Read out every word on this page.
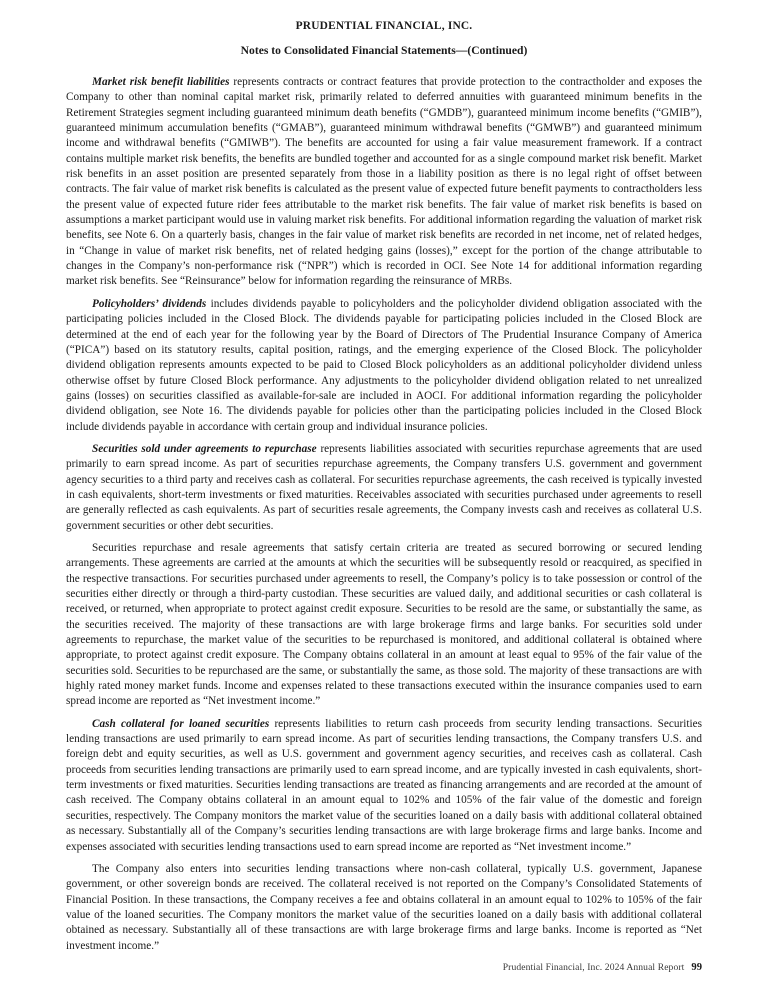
PRUDENTIAL FINANCIAL, INC.
Notes to Consolidated Financial Statements—(Continued)

Market risk benefit liabilities represents contracts or contract features that provide protection to the contractholder and exposes the Company to other than nominal capital market risk, primarily related to deferred annuities with guaranteed minimum benefits in the Retirement Strategies segment including guaranteed minimum death benefits (“GMDB”), guaranteed minimum income benefits (“GMIB”), guaranteed minimum accumulation benefits (“GMAB”), guaranteed minimum withdrawal benefits (“GMWB”) and guaranteed minimum income and withdrawal benefits (“GMIWB”). The benefits are accounted for using a fair value measurement framework. If a contract contains multiple market risk benefits, the benefits are bundled together and accounted for as a single compound market risk benefit. Market risk benefits in an asset position are presented separately from those in a liability position as there is no legal right of offset between contracts. The fair value of market risk benefits is calculated as the present value of expected future benefit payments to contractholders less the present value of expected future rider fees attributable to the market risk benefits. The fair value of market risk benefits is based on assumptions a market participant would use in valuing market risk benefits. For additional information regarding the valuation of market risk benefits, see Note 6. On a quarterly basis, changes in the fair value of market risk benefits are recorded in net income, net of related hedges, in “Change in value of market risk benefits, net of related hedging gains (losses),” except for the portion of the change attributable to changes in the Company’s non-performance risk (“NPR”) which is recorded in OCI. See Note 14 for additional information regarding market risk benefits. See “Reinsurance” below for information regarding the reinsurance of MRBs.

Policyholders’ dividends includes dividends payable to policyholders and the policyholder dividend obligation associated with the participating policies included in the Closed Block. The dividends payable for participating policies included in the Closed Block are determined at the end of each year for the following year by the Board of Directors of The Prudential Insurance Company of America (“PICA”) based on its statutory results, capital position, ratings, and the emerging experience of the Closed Block. The policyholder dividend obligation represents amounts expected to be paid to Closed Block policyholders as an additional policyholder dividend unless otherwise offset by future Closed Block performance. Any adjustments to the policyholder dividend obligation related to net unrealized gains (losses) on securities classified as available-for-sale are included in AOCI. For additional information regarding the policyholder dividend obligation, see Note 16. The dividends payable for policies other than the participating policies included in the Closed Block include dividends payable in accordance with certain group and individual insurance policies.

Securities sold under agreements to repurchase represents liabilities associated with securities repurchase agreements that are used primarily to earn spread income. As part of securities repurchase agreements, the Company transfers U.S. government and government agency securities to a third party and receives cash as collateral. For securities repurchase agreements, the cash received is typically invested in cash equivalents, short-term investments or fixed maturities. Receivables associated with securities purchased under agreements to resell are generally reflected as cash equivalents. As part of securities resale agreements, the Company invests cash and receives as collateral U.S. government securities or other debt securities.

Securities repurchase and resale agreements that satisfy certain criteria are treated as secured borrowing or secured lending arrangements. These agreements are carried at the amounts at which the securities will be subsequently resold or reacquired, as specified in the respective transactions. For securities purchased under agreements to resell, the Company’s policy is to take possession or control of the securities either directly or through a third-party custodian. These securities are valued daily, and additional securities or cash collateral is received, or returned, when appropriate to protect against credit exposure. Securities to be resold are the same, or substantially the same, as the securities received. The majority of these transactions are with large brokerage firms and large banks. For securities sold under agreements to repurchase, the market value of the securities to be repurchased is monitored, and additional collateral is obtained where appropriate, to protect against credit exposure. The Company obtains collateral in an amount at least equal to 95% of the fair value of the securities sold. Securities to be repurchased are the same, or substantially the same, as those sold. The majority of these transactions are with highly rated money market funds. Income and expenses related to these transactions executed within the insurance companies used to earn spread income are reported as “Net investment income.”

Cash collateral for loaned securities represents liabilities to return cash proceeds from security lending transactions. Securities lending transactions are used primarily to earn spread income. As part of securities lending transactions, the Company transfers U.S. and foreign debt and equity securities, as well as U.S. government and government agency securities, and receives cash as collateral. Cash proceeds from securities lending transactions are primarily used to earn spread income, and are typically invested in cash equivalents, short-term investments or fixed maturities. Securities lending transactions are treated as financing arrangements and are recorded at the amount of cash received. The Company obtains collateral in an amount equal to 102% and 105% of the fair value of the domestic and foreign securities, respectively. The Company monitors the market value of the securities loaned on a daily basis with additional collateral obtained as necessary. Substantially all of the Company’s securities lending transactions are with large brokerage firms and large banks. Income and expenses associated with securities lending transactions used to earn spread income are reported as “Net investment income.”

The Company also enters into securities lending transactions where non-cash collateral, typically U.S. government, Japanese government, or other sovereign bonds are received. The collateral received is not reported on the Company’s Consolidated Statements of Financial Position. In these transactions, the Company receives a fee and obtains collateral in an amount equal to 102% to 105% of the fair value of the loaned securities. The Company monitors the market value of the securities loaned on a daily basis with additional collateral obtained as necessary. Substantially all of these transactions are with large brokerage firms and large banks. Income is reported as “Net investment income.”

Prudential Financial, Inc. 2024 Annual Report 99
